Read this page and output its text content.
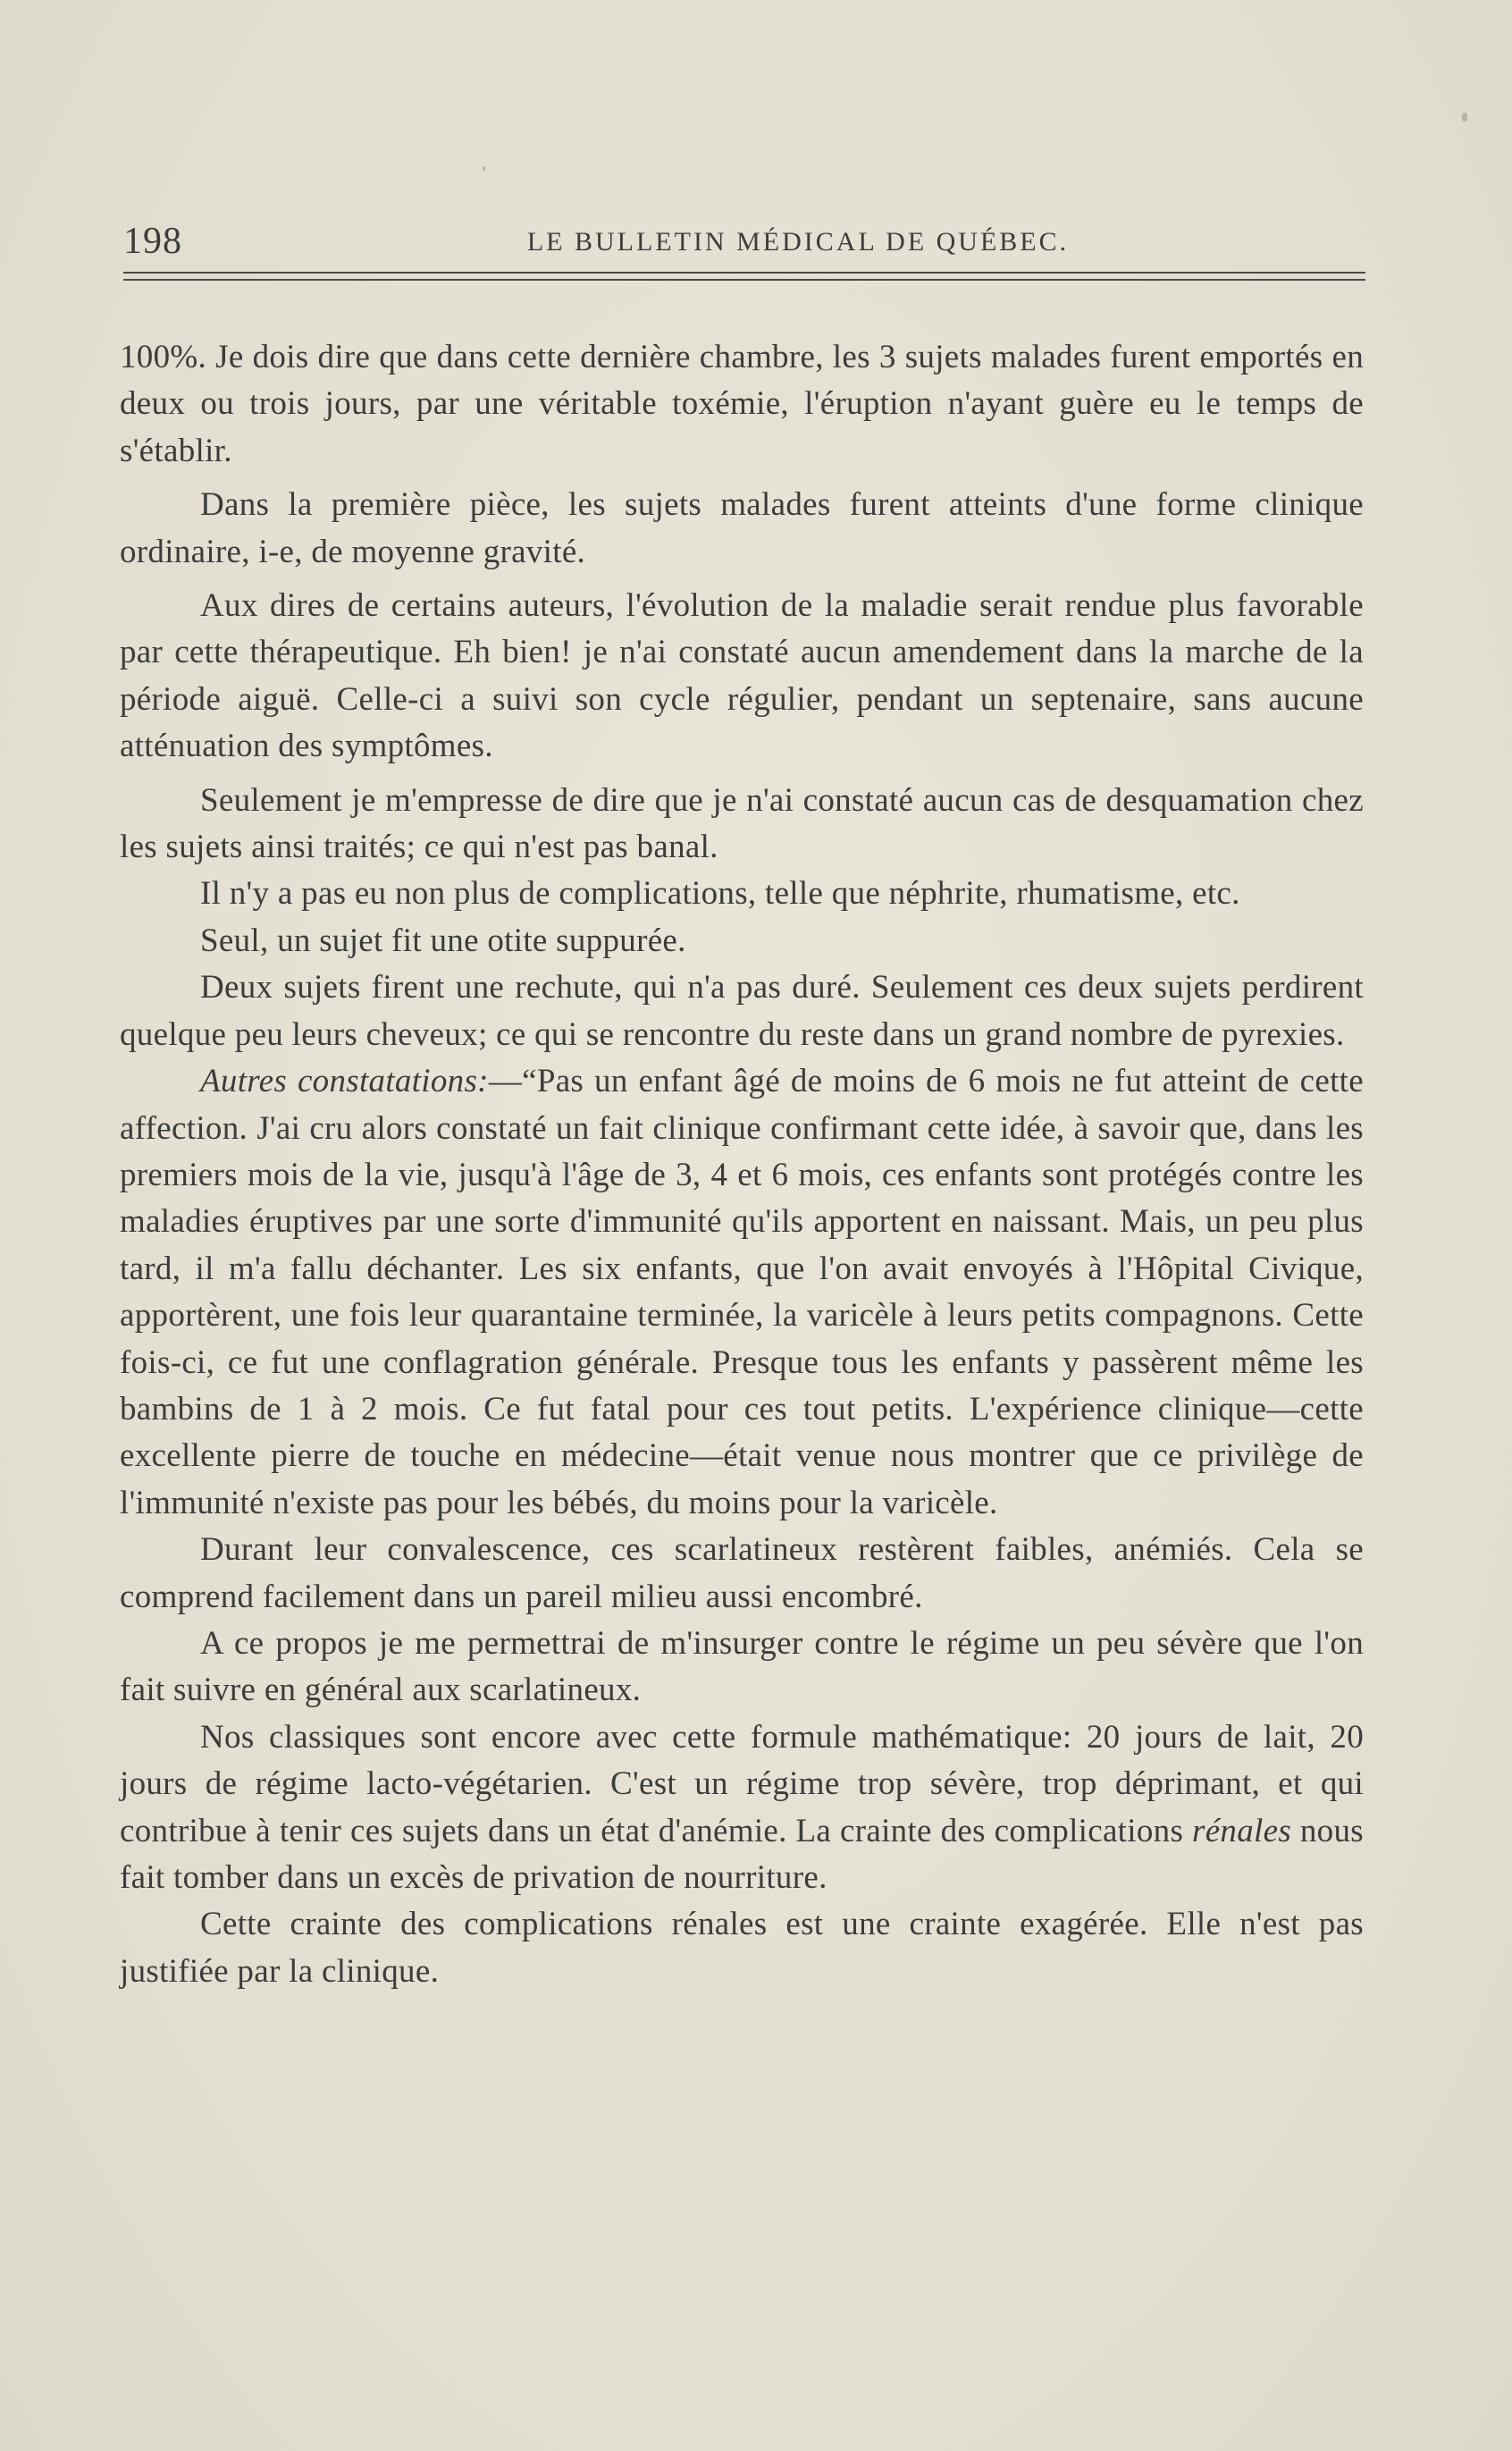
198	LE BULLETIN MÉDICAL DE QUÉBEC.

100%. Je dois dire que dans cette dernière chambre, les 3 sujets malades furent emportés en deux ou trois jours, par une véritable toxémie, l'éruption n'ayant guère eu le temps de s'établir.

Dans la première pièce, les sujets malades furent atteints d'une forme clinique ordinaire, i-e, de moyenne gravité.

Aux dires de certains auteurs, l'évolution de la maladie serait rendue plus favorable par cette thérapeutique. Eh bien! je n'ai constaté aucun amendement dans la marche de la période aiguë. Celle-ci a suivi son cycle régulier, pendant un septenaire, sans aucune atténuation des symptômes.

Seulement je m'empresse de dire que je n'ai constaté aucun cas de desquamation chez les sujets ainsi traités; ce qui n'est pas banal.

Il n'y a pas eu non plus de complications, telle que néphrite, rhumatisme, etc.

Seul, un sujet fit une otite suppurée.

Deux sujets firent une rechute, qui n'a pas duré. Seulement ces deux sujets perdirent quelque peu leurs cheveux; ce qui se rencontre du reste dans un grand nombre de pyrexies.

Autres constatations:—“Pas un enfant âgé de moins de 6 mois ne fut atteint de cette affection. J'ai cru alors constaté un fait clinique confirmant cette idée, à savoir que, dans les premiers mois de la vie, jusqu'à l'âge de 3, 4 et 6 mois, ces enfants sont protégés contre les maladies éruptives par une sorte d'immunité qu'ils apportent en naissant. Mais, un peu plus tard, il m'a fallu déchanter. Les six enfants, que l'on avait envoyés à l'Hôpital Civique, apportèrent, une fois leur quarantaine terminée, la varicèle à leurs petits compagnons. Cette fois-ci, ce fut une conflagration générale. Presque tous les enfants y passèrent même les bambins de 1 à 2 mois. Ce fut fatal pour ces tout petits. L'expérience clinique—cette excellente pierre de touche en médecine—était venue nous montrer que ce privilège de l'immunité n'existe pas pour les bébés, du moins pour la varicèle.

Durant leur convalescence, ces scarlatineux restèrent faibles, anémiés. Cela se comprend facilement dans un pareil milieu aussi encombré.

A ce propos je me permettrai de m'insurger contre le régime un peu sévère que l'on fait suivre en général aux scarlatineux.

Nos classiques sont encore avec cette formule mathématique: 20 jours de lait, 20 jours de régime lacto-végétarien. C'est un régime trop sévère, trop déprimant, et qui contribue à tenir ces sujets dans un état d'anémie. La crainte des complications rénales nous fait tomber dans un excès de privation de nourriture.

Cette crainte des complications rénales est une crainte exagérée. Elle n'est pas justifiée par la clinique.
